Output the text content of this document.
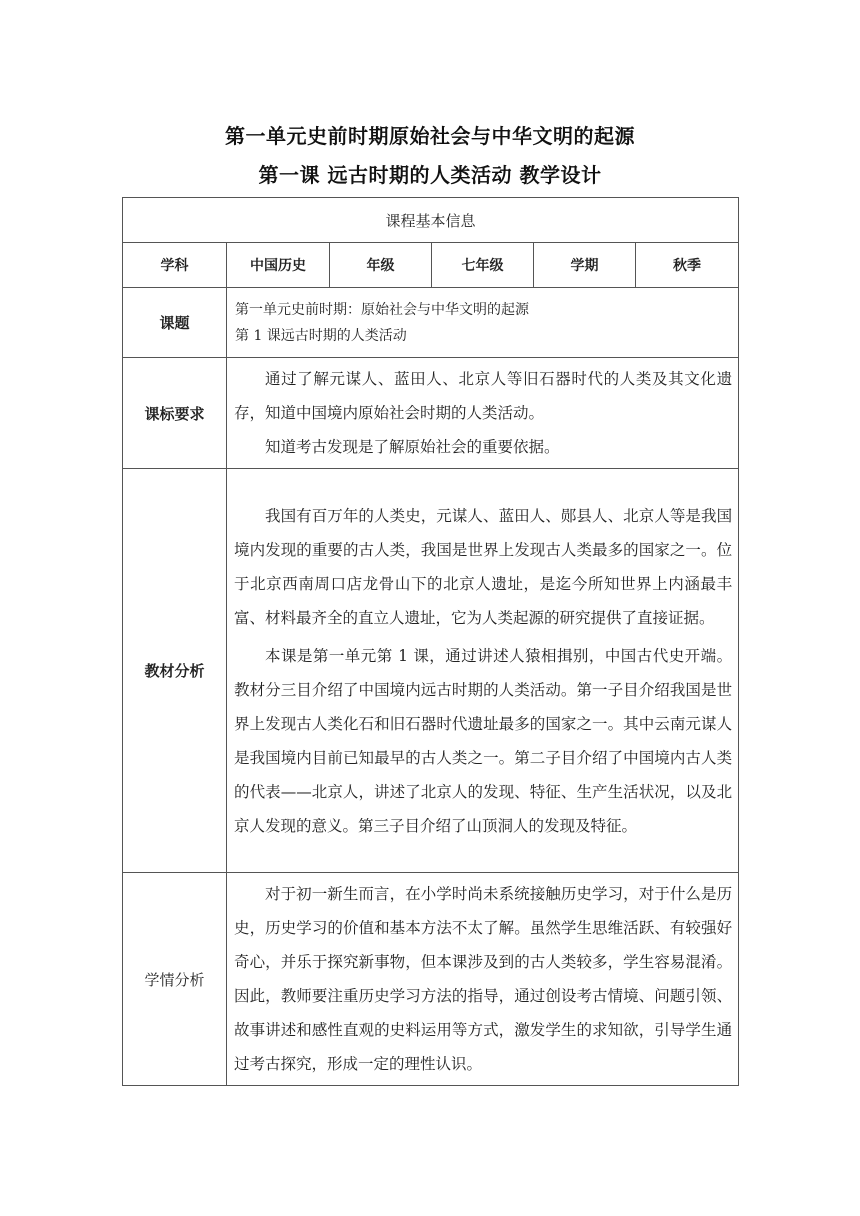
第一单元史前时期原始社会与中华文明的起源
第一课 远古时期的人类活动 教学设计
课程基本信息					
学科	中国历史	年级	七年级	学期	秋季
课题	第一单元史前时期：原始社会与中华文明的起源
第 1 课远古时期的人类活动				

课标要求	通过了解元谋人、蓝田人、北京人等旧石器时代的人类及其文化遗存，知道中国境内原始社会时期的人类活动。

知道考古发现是了解原始社会的重要依据。				

教材分析	我国有百万年的人类史，元谋人、蓝田人、郧县人、北京人等是我国境内发现的重要的古人类，我国是世界上发现古人类最多的国家之一。位于北京西南周口店龙骨山下的北京人遗址，是迄今所知世界上内涵最丰富、材料最齐全的直立人遗址，它为人类起源的研究提供了直接证据。

本课是第一单元第 1 课，通过讲述人猿相揖别，中国古代史开端。教材分三目介绍了中国境内远古时期的人类活动。第一子目介绍我国是世界上发现古人类化石和旧石器时代遗址最多的国家之一。其中云南元谋人是我国境内目前已知最早的古人类之一。第二子目介绍了中国境内古人类的代表——北京人，讲述了北京人的发现、特征、生产生活状况，以及北京人发现的意义。第三子目介绍了山顶洞人的发现及特征。				

学情分析	对于初一新生而言，在小学时尚未系统接触历史学习，对于什么是历史，历史学习的价值和基本方法不太了解。虽然学生思维活跃、有较强好奇心，并乐于探究新事物，但本课涉及到的古人类较多，学生容易混淆。因此，教师要注重历史学习方法的指导，通过创设考古情境、问题引领、故事讲述和感性直观的史料运用等方式，激发学生的求知欲，引导学生通过考古探究，形成一定的理性认识。				
